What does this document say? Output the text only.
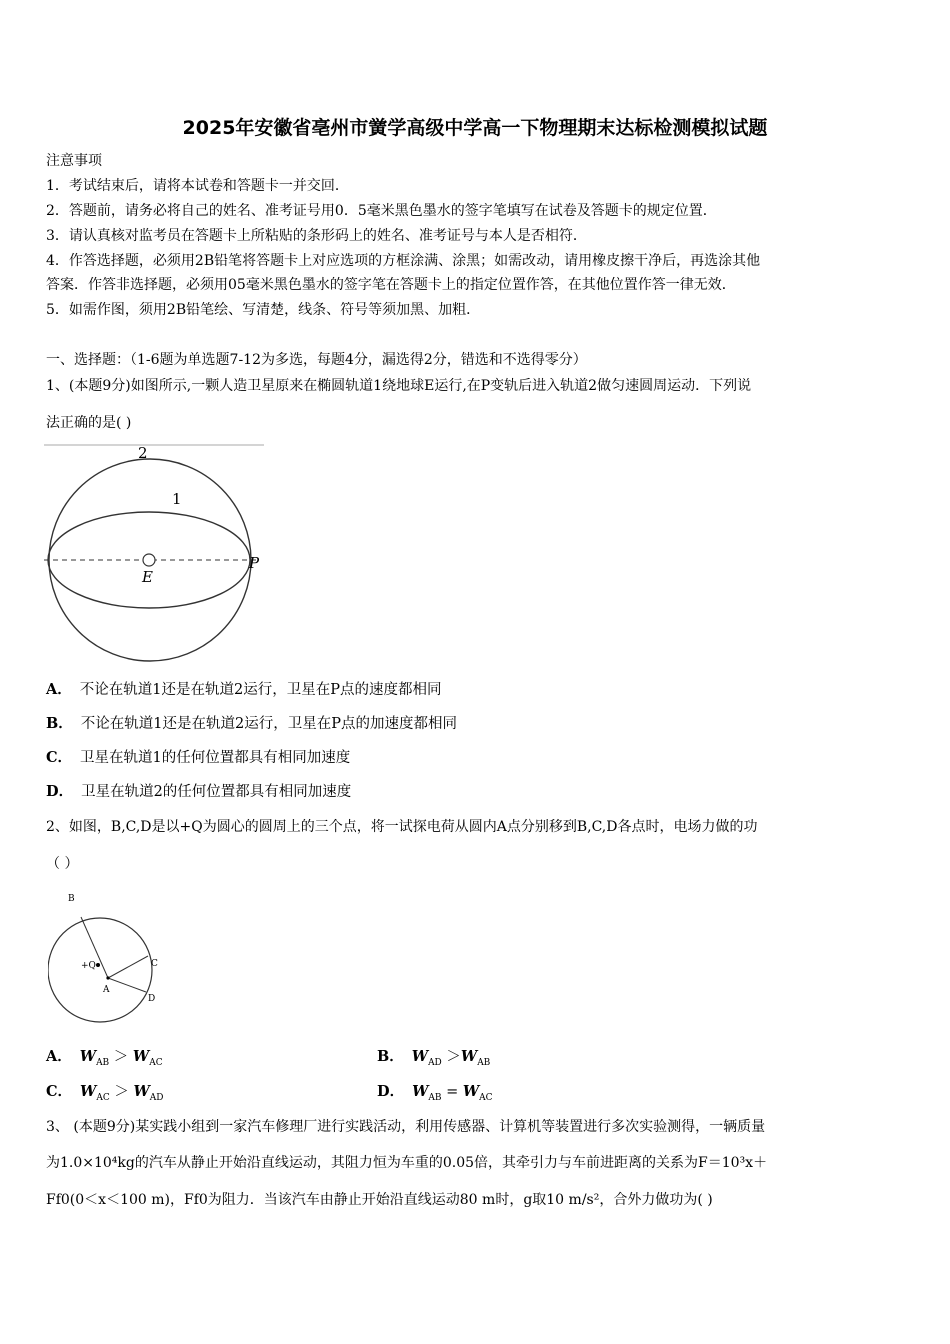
2025年安徽省亳州市黉学高级中学高一下物理期末达标检测模拟试题
注意事项
1．考试结束后，请将本试卷和答题卡一并交回．
2．答题前，请务必将自己的姓名、准考证号用0．5毫米黑色墨水的签字笔填写在试卷及答题卡的规定位置．
3．请认真核对监考员在答题卡上所粘贴的条形码上的姓名、准考证号与本人是否相符．
4．作答选择题，必须用2B铅笔将答题卡上对应选项的方框涂满、涂黑；如需改动，请用橡皮擦干净后，再选涂其他
答案．作答非选择题，必须用05毫米黑色墨水的签字笔在答题卡上的指定位置作答，在其他位置作答一律无效．
5．如需作图，须用2B铅笔绘、写清楚，线条、符号等须加黑、加粗．
一、选择题：（1-6题为单选题7-12为多选，每题4分，漏选得2分，错选和不选得零分）
1、(本题9分)如图所示,一颗人造卫星原来在椭圆轨道1绕地球E运行,在P变轨后进入轨道2做匀速圆周运动．下列说
法正确的是( )
2
1
E
P
A． 不论在轨道1还是在轨道2运行，卫星在P点的速度都相同
B． 不论在轨道1还是在轨道2运行，卫星在P点的加速度都相同
C． 卫星在轨道1的任何位置都具有相同加速度
D． 卫星在轨道2的任何位置都具有相同加速度
2、如图，B,C,D是以+Q为圆心的圆周上的三个点，将一试探电荷从圆内A点分别移到B,C,D各点时，电场力做的功
（ ）
B
C
D
A
+Q
A． $W_{AB} > W_{AC}$	B． $W_{AD} >W_{AB}$
C． $W_{AC} > W_{AD}$	D． $W_{AB} = W_{AC}$
3、 (本题9分)某实践小组到一家汽车修理厂进行实践活动，利用传感器、计算机等装置进行多次实验测得，一辆质量
为1.0×10⁴kg的汽车从静止开始沿直线运动，其阻力恒为车重的0.05倍，其牵引力与车前进距离的关系为F＝10³x＋
Ff0(0＜x＜100 m)，Ff0为阻力．当该汽车由静止开始沿直线运动80 m时，g取10 m/s²，合外力做功为( )
